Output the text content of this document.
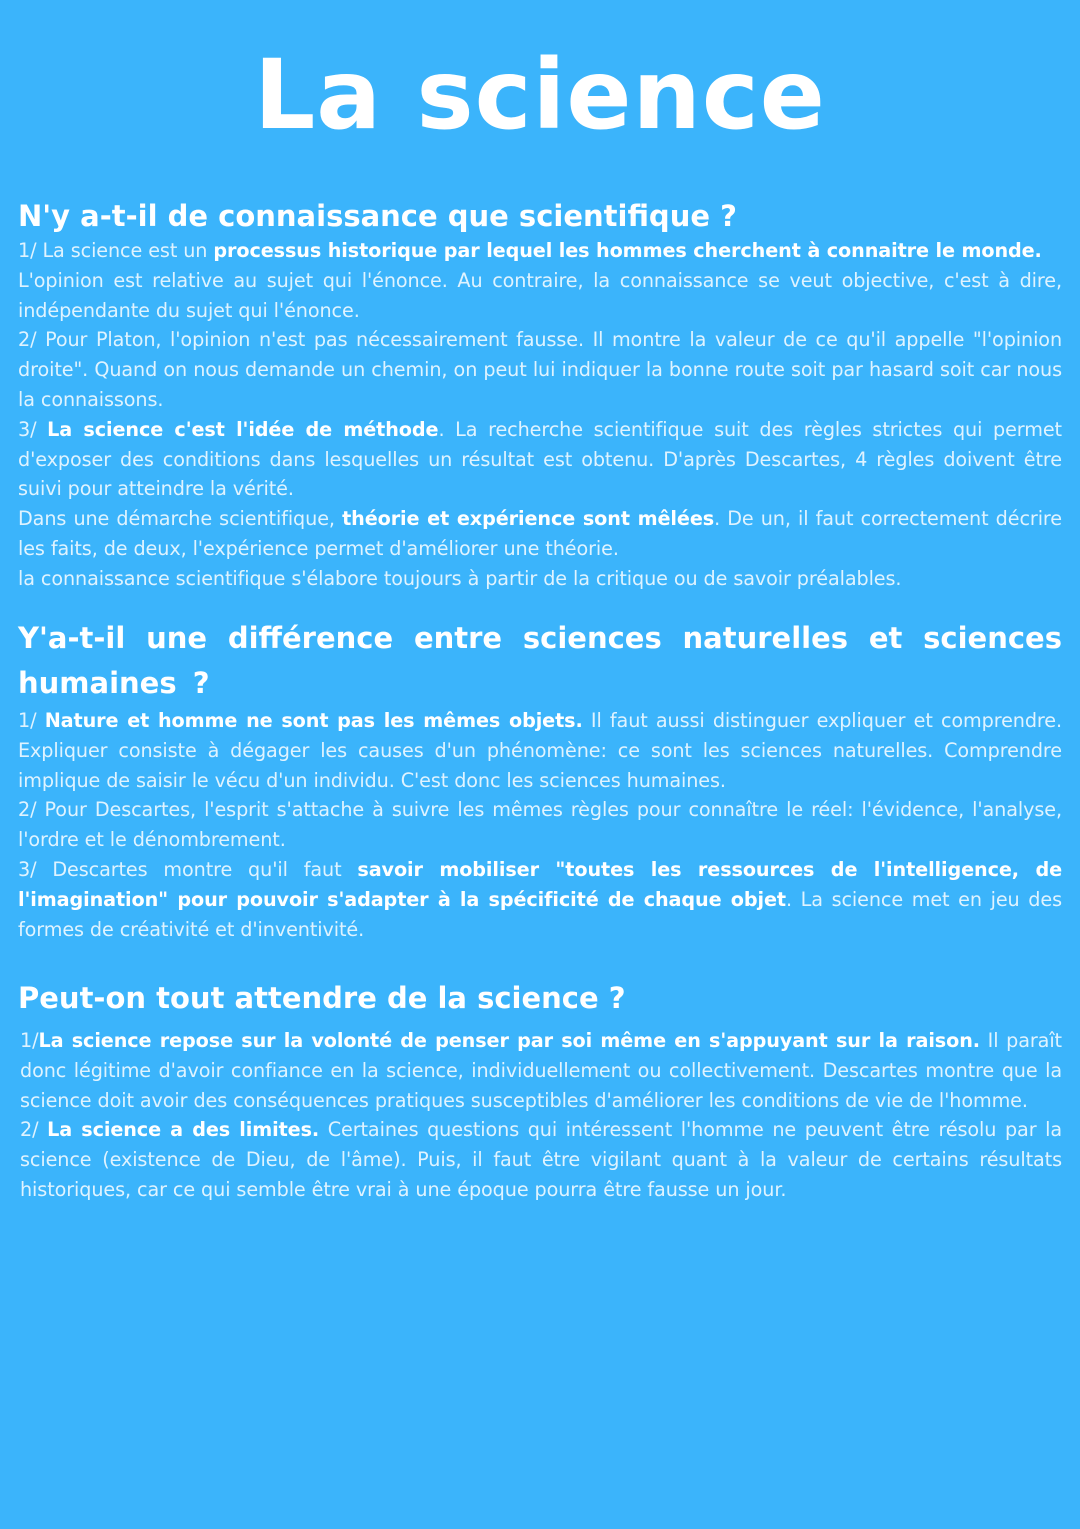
La science
N'y a-t-il de connaissance que scientifique ?

1/ La science est un processus historique par lequel les hommes cherchent à connaitre le monde.

L'opinion est relative au sujet qui l'énonce. Au contraire, la connaissance se veut objective, c'est à dire, indépendante du sujet qui l'énonce.

2/ Pour Platon, l'opinion n'est pas nécessairement fausse. Il montre la valeur de ce qu'il appelle "l'opinion droite". Quand on nous demande un chemin, on peut lui indiquer la bonne route soit par hasard soit car nous la connaissons.

3/ La science c'est l'idée de méthode. La recherche scientifique suit des règles strictes qui permet d'exposer des conditions dans lesquelles un résultat est obtenu. D'après Descartes, 4 règles doivent être suivi pour atteindre la vérité.

Dans une démarche scientifique, théorie et expérience sont mêlées. De un, il faut correctement décrire les faits, de deux, l'expérience permet d'améliorer une théorie.

la connaissance scientifique s'élabore toujours à partir de la critique ou de savoir préalables.

Y'a-t-il une différence entre sciences naturelles et sciences humaines ?

1/ Nature et homme ne sont pas les mêmes objets. Il faut aussi distinguer expliquer et comprendre. Expliquer consiste à dégager les causes d'un phénomène: ce sont les sciences naturelles. Comprendre implique de saisir le vécu d'un individu. C'est donc les sciences humaines.

2/ Pour Descartes, l'esprit s'attache à suivre les mêmes règles pour connaître le réel: l'évidence, l'analyse, l'ordre et le dénombrement.

3/ Descartes montre qu'il faut savoir mobiliser "toutes les ressources de l'intelligence, de l'imagination" pour pouvoir s'adapter à la spécificité de chaque objet. La science met en jeu des formes de créativité et d'inventivité.

Peut-on tout attendre de la science ?

1/La science repose sur la volonté de penser par soi même en s'appuyant sur la raison. Il paraît donc légitime d'avoir confiance en la science, individuellement ou collectivement. Descartes montre que la science doit avoir des conséquences pratiques susceptibles d'améliorer les conditions de vie de l'homme.

2/ La science a des limites. Certaines questions qui intéressent l'homme ne peuvent être résolu par la science (existence de Dieu, de l'âme). Puis, il faut être vigilant quant à la valeur de certains résultats historiques, car ce qui semble être vrai à une époque pourra être fausse un jour.
